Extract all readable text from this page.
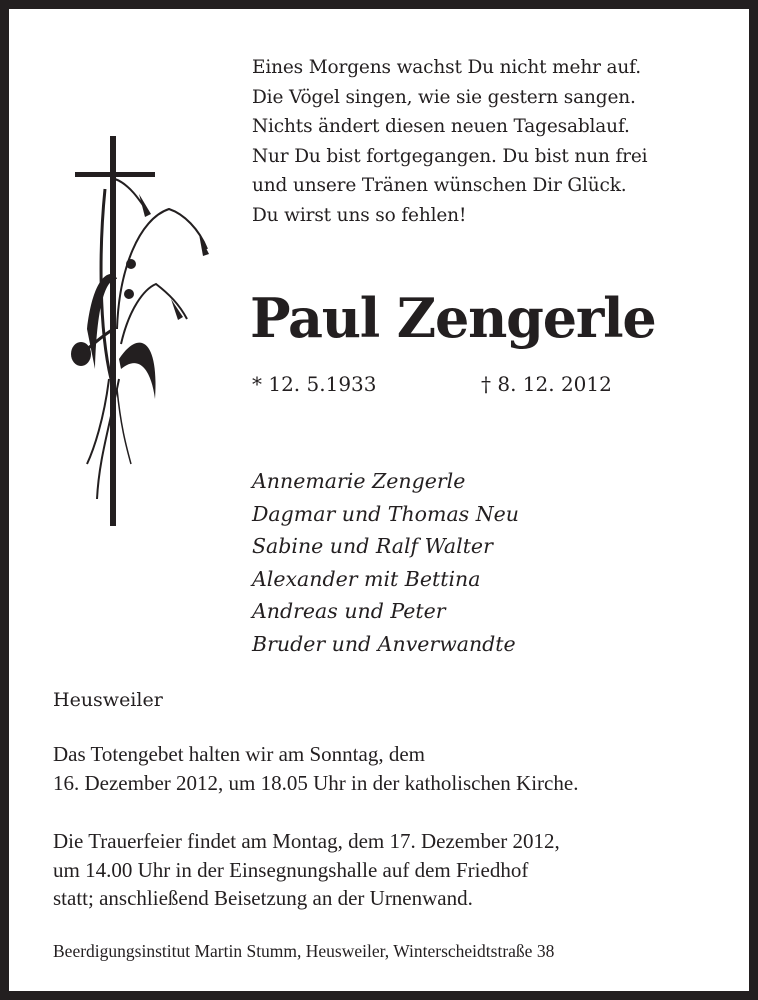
Eines Morgens wachst Du nicht mehr auf.
Die Vögel singen, wie sie gestern sangen.
Nichts ändert diesen neuen Tagesablauf.
Nur Du bist fortgegangen. Du bist nun frei
und unsere Tränen wünschen Dir Glück.
Du wirst uns so fehlen!
Paul Zengerle
* 12. 5.1933	† 8. 12. 2012
Annemarie Zengerle
Dagmar und Thomas Neu
Sabine und Ralf Walter
Alexander mit Bettina
Andreas und Peter
Bruder und Anverwandte
Heusweiler
Das Totengebet halten wir am Sonntag, dem
16. Dezember 2012, um 18.05 Uhr in der katholischen Kirche.
Die Trauerfeier findet am Montag, dem 17. Dezember 2012,
um 14.00 Uhr in der Einsegnungshalle auf dem Friedhof
statt; anschließend Beisetzung an der Urnenwand.
Beerdigungsinstitut Martin Stumm, Heusweiler, Winterscheidtstraße 38
